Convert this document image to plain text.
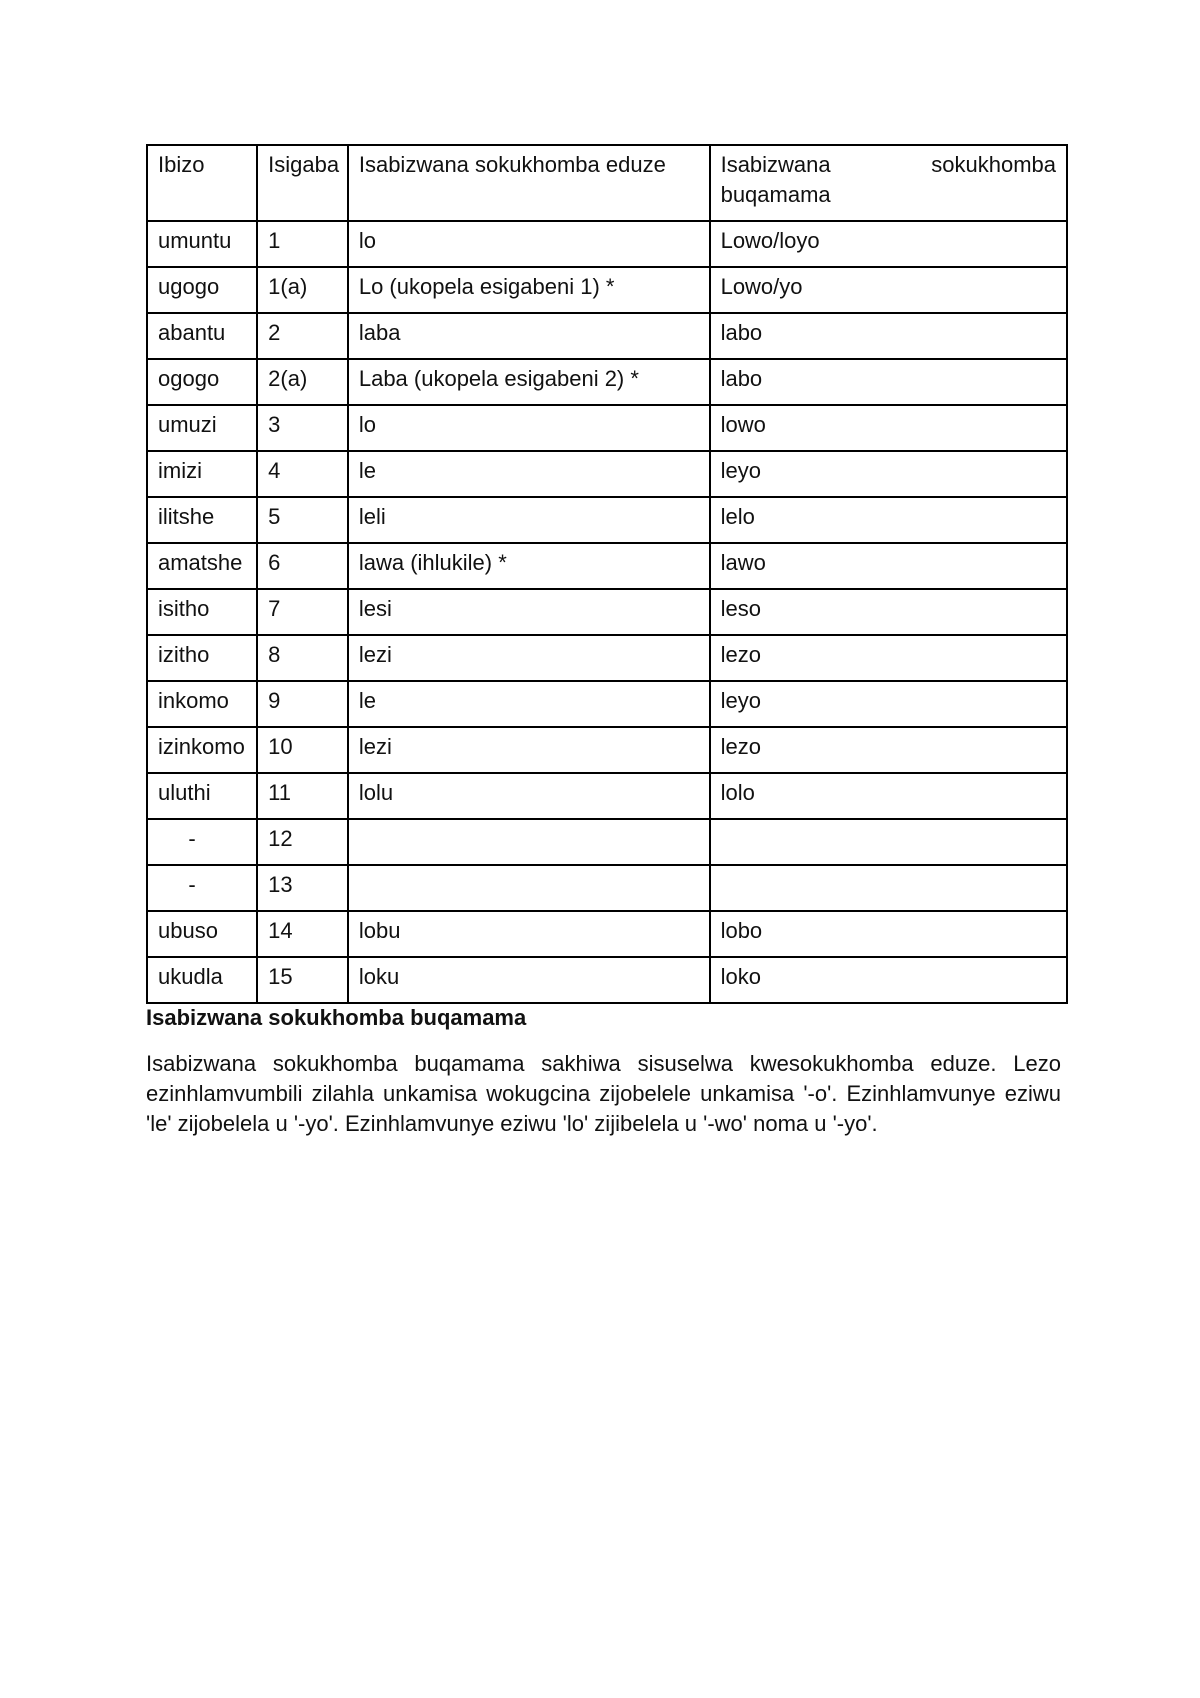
Ibizo	Isigaba	Isabizwana sokukhomba eduze	Isabizwana sokukhomba buqamama
umuntu	1	lo	Lowo/loyo
ugogo	1(a)	Lo (ukopela esigabeni 1) *	Lowo/yo
abantu	2	laba	labo
ogogo	2(a)	Laba (ukopela esigabeni 2) *	labo
umuzi	3	lo	lowo
imizi	4	le	leyo
ilitshe	5	leli	lelo
amatshe	6	lawa (ihlukile) *	lawo
isitho	7	lesi	leso
izitho	8	lezi	lezo
inkomo	9	le	leyo
izinkomo	10	lezi	lezo
uluthi	11	lolu	lolo
-	12		
-	13		
ubuso	14	lobu	lobo
ukudla	15	loku	loko
Isabizwana sokukhomba buqamama

Isabizwana sokukhomba buqamama sakhiwa sisuselwa kwesokukhomba eduze. Lezo ezinhlamvumbili zilahla unkamisa wokugcina zijobelele unkamisa '-o'. Ezinhlamvunye eziwu 'le' zijobelela u '-yo'. Ezinhlamvunye eziwu 'lo' zijibelela u '-wo' noma u '-yo'.
